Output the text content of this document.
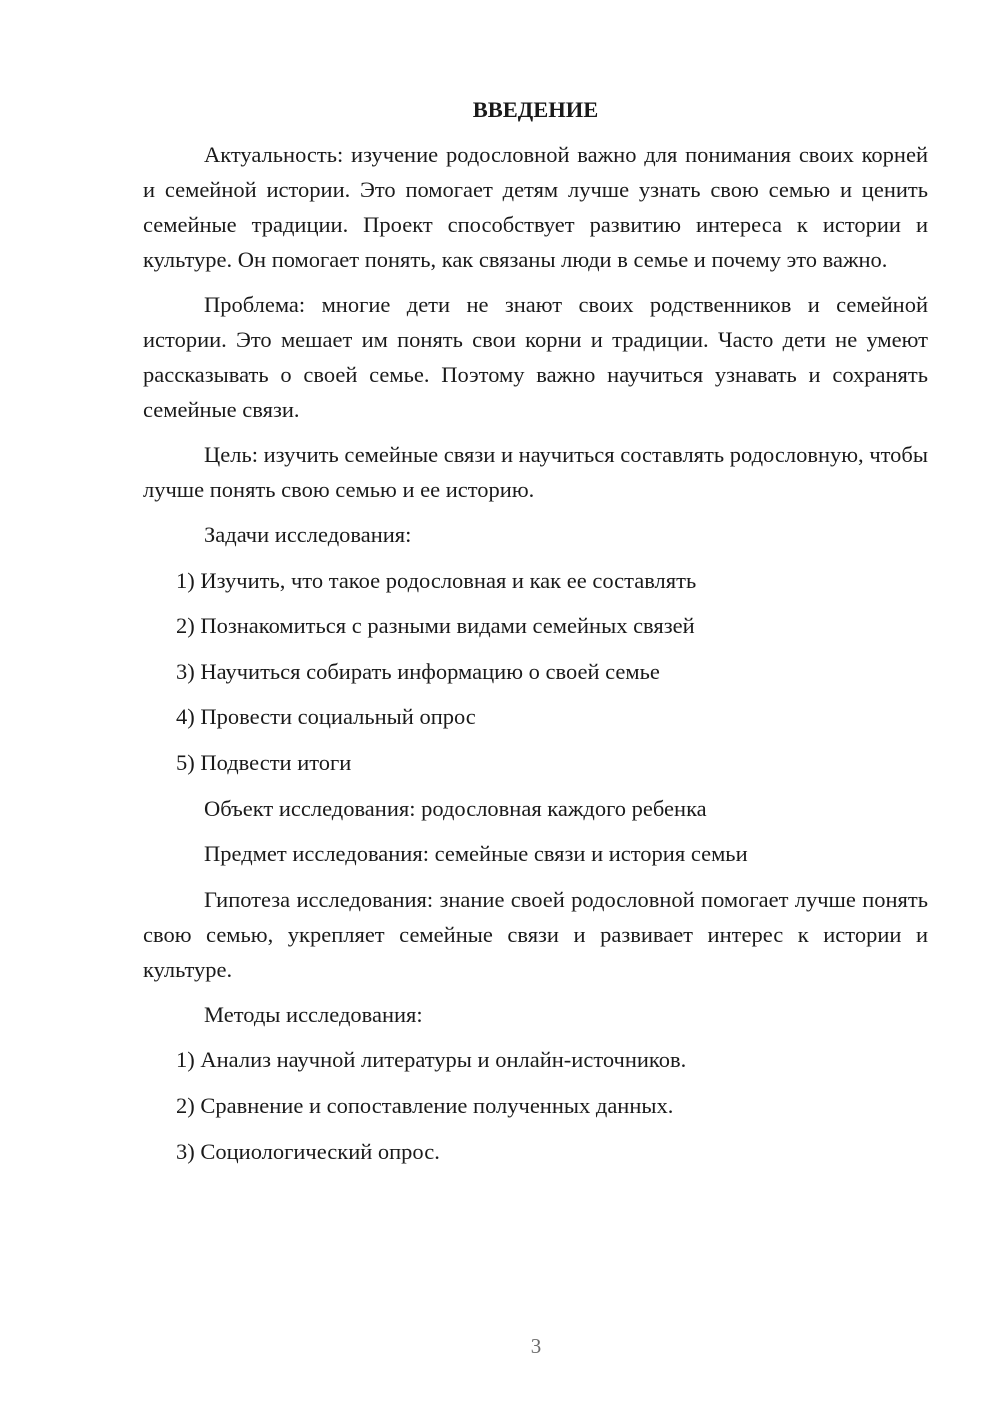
ВВЕДЕНИЕ

Актуальность: изучение родословной важно для понимания своих корней и семейной истории. Это помогает детям лучше узнать свою семью и ценить семейные традиции. Проект способствует развитию интереса к истории и культуре. Он помогает понять, как связаны люди в семье и почему это важно.

Проблема: многие дети не знают своих родственников и семейной истории. Это мешает им понять свои корни и традиции. Часто дети не умеют рассказывать о своей семье. Поэтому важно научиться узнавать и сохранять семейные связи.

Цель: изучить семейные связи и научиться составлять родословную, чтобы лучше понять свою семью и ее историю.

Задачи исследования:
1) Изучить, что такое родословная и как ее составлять
2) Познакомиться с разными видами семейных связей
3) Научиться собирать информацию о своей семье
4) Провести социальный опрос
5) Подвести итоги
Объект исследования: родословная каждого ребенка
Предмет исследования: семейные связи и история семьи

Гипотеза исследования: знание своей родословной помогает лучше понять свою семью, укрепляет семейные связи и развивает интерес к истории и культуре.

Методы исследования:
1) Анализ научной литературы и онлайн-источников.
2) Сравнение и сопоставление полученных данных.
3) Социологический опрос.
3
